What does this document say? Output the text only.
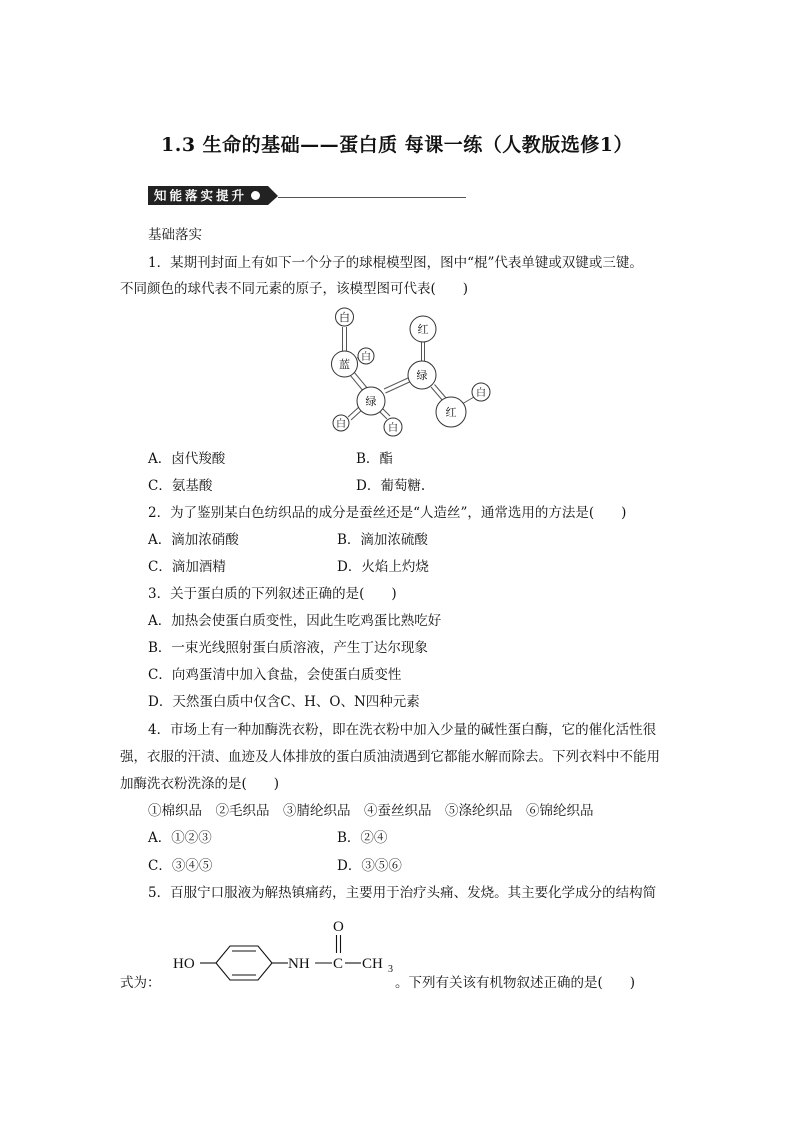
1.3 生命的基础——蛋白质 每课一练（人教版选修1）
知能落实提升
基础落实
1．某期刊封面上有如下一个分子的球棍模型图，图中“棍”代表单键或双键或三键。
不同颜色的球代表不同元素的原子，该模型图可代表(　　)
白
蓝
白
红
绿
绿
白	白
红
白
A．卤代羧酸	B．酯
C．氨基酸	D．葡萄糖.
2．为了鉴别某白色纺织品的成分是蚕丝还是“人造丝”，通常选用的方法是(　　)
A．滴加浓硝酸	B．滴加浓硫酸
C．滴加酒精	D．火焰上灼烧
3．关于蛋白质的下列叙述正确的是(　　)
A．加热会使蛋白质变性，因此生吃鸡蛋比熟吃好
B．一束光线照射蛋白质溶液，产生丁达尔现象
C．向鸡蛋清中加入食盐，会使蛋白质变性
D．天然蛋白质中仅含C、H、O、N四种元素
4．市场上有一种加酶洗衣粉，即在洗衣粉中加入少量的碱性蛋白酶，它的催化活性很
强，衣服的汗渍、血迹及人体排放的蛋白质油渍遇到它都能水解而除去。下列衣料中不能用
加酶洗衣粉洗涤的是(　　)
①棉织品　②毛织品　③腈纶织品　④蚕丝织品　⑤涤纶织品　⑥锦纶织品
A．①②③	B．②④
C．③④⑤	D．③⑤⑥
5．百服宁口服液为解热镇痛药，主要用于治疗头痛、发烧。其主要化学成分的结构简
HO	NH C
O
CH 3
式为：	。下列有关该有机物叙述正确的是(　　)
